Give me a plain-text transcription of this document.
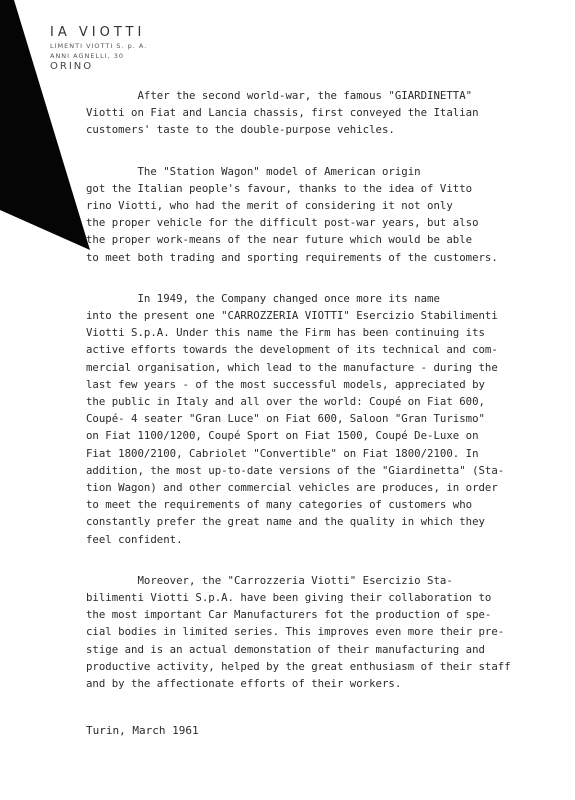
IA VIOTTI
LIMENTI VIOTTI S. p. A.
ANNI AGNELLI, 30
ORINO
After the second world-war, the famous "GIARDINETTA"
Viotti on Fiat and Lancia chassis, first conveyed the Italian
customers' taste to the double-purpose vehicles.
The "Station Wagon" model of American origin
got the Italian people's favour, thanks to the idea of Vitto
rino Viotti, who had the merit of considering it not only
the proper vehicle for the difficult post-war years, but also
the proper work-means of the near future which would be able
to meet both trading and sporting requirements of the customers.
In 1949, the Company changed once more its name
into the present one "CARROZZERIA VIOTTI" Esercizio Stabilimenti
Viotti S.p.A. Under this name the Firm has been continuing its
active efforts towards the development of its technical and com-
mercial organisation, which lead to the manufacture - during the
last few years - of the most successful models, appreciated by
the public in Italy and all over the world: Coupé on Fiat 600,
Coupé- 4 seater "Gran Luce" on Fiat 600, Saloon "Gran Turismo"
on Fiat 1100/1200, Coupé Sport on Fiat 1500, Coupé De-Luxe on
Fiat 1800/2100, Cabriolet "Convertible" on Fiat 1800/2100. In
addition, the most up-to-date versions of the "Giardinetta" (Sta-
tion Wagon) and other commercial vehicles are produces, in order
to meet the requirements of many categories of customers who
constantly prefer the great name and the quality in which they
feel confident.
Moreover, the "Carrozzeria Viotti" Esercizio Sta-
bilimenti Viotti S.p.A. have been giving their collaboration to
the most important Car Manufacturers fot the production of spe-
cial bodies in limited series. This improves even more their pre-
stige and is an actual demonstation of their manufacturing and
productive activity, helped by the great enthusiasm of their staff
and by the affectionate efforts of their workers.
Turin, March 1961
